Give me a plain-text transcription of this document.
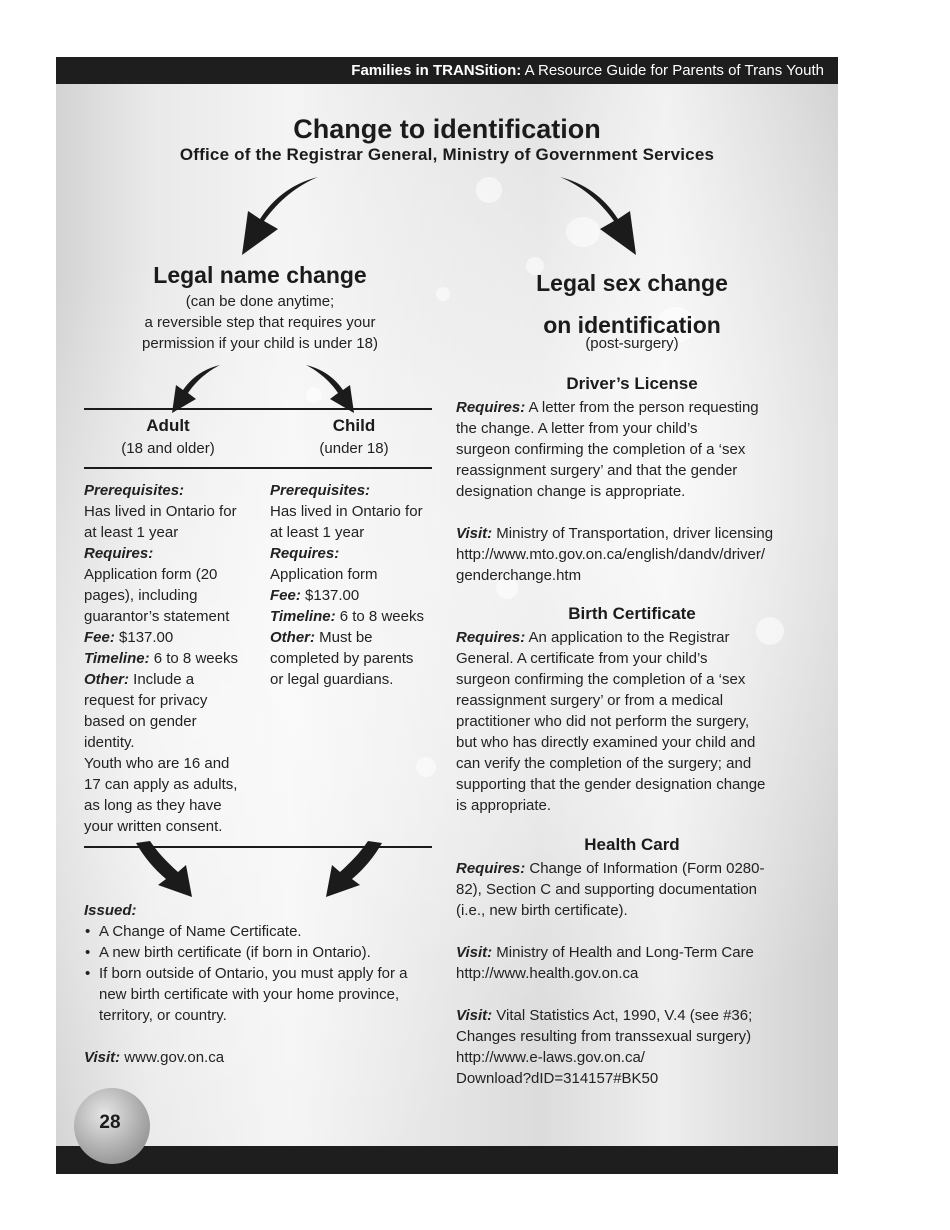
Families in TRANSition: A Resource Guide for Parents of Trans Youth
Change to identification
Office of the Registrar General, Ministry of Government Services
Legal name change
(can be done anytime;
a reversible step that requires your
permission if your child is under 18)
Adult
(18 and older)
Child
(under 18)
Prerequisites:
Has lived in Ontario for
at least 1 year
Requires:
Application form (20
pages), including
guarantor’s statement
Fee: $137.00
Timeline: 6 to 8 weeks
Other: Include a
request for privacy
based on gender
identity.
Youth who are 16 and
17 can apply as adults,
as long as they have
your written consent.
Prerequisites:
Has lived in Ontario for
at least 1 year
Requires:
Application form
Fee: $137.00
Timeline: 6 to 8 weeks
Other: Must be
completed by parents
or legal guardians.
Issued:
• A Change of Name Certificate.
• A new birth certificate (if born in Ontario).
• If born outside of Ontario, you must apply for a
new birth certificate with your home province,
territory, or country.
Visit: www.gov.on.ca
Legal sex change
on identification
(post-surgery)
Driver’s License
Requires: A letter from the person requesting
the change. A letter from your child’s
surgeon confirming the completion of a ‘sex
reassignment surgery’ and that the gender
designation change is appropriate.
Visit: Ministry of Transportation, driver licensing
http://www.mto.gov.on.ca/english/dandv/driver/
genderchange.htm
Birth Certificate
Requires: An application to the Registrar
General. A certificate from your child’s
surgeon confirming the completion of a ‘sex
reassignment surgery’ or from a medical
practitioner who did not perform the surgery,
but who has directly examined your child and
can verify the completion of the surgery; and
supporting that the gender designation change
is appropriate.
Health Card
Requires: Change of Information (Form 0280-
82), Section C and supporting documentation
(i.e., new birth certificate).
Visit: Ministry of Health and Long-Term Care
http://www.health.gov.on.ca
Visit: Vital Statistics Act, 1990, V.4 (see #36;
Changes resulting from transsexual surgery)
http://www.e-laws.gov.on.ca/
Download?dID=314157#BK50
28
